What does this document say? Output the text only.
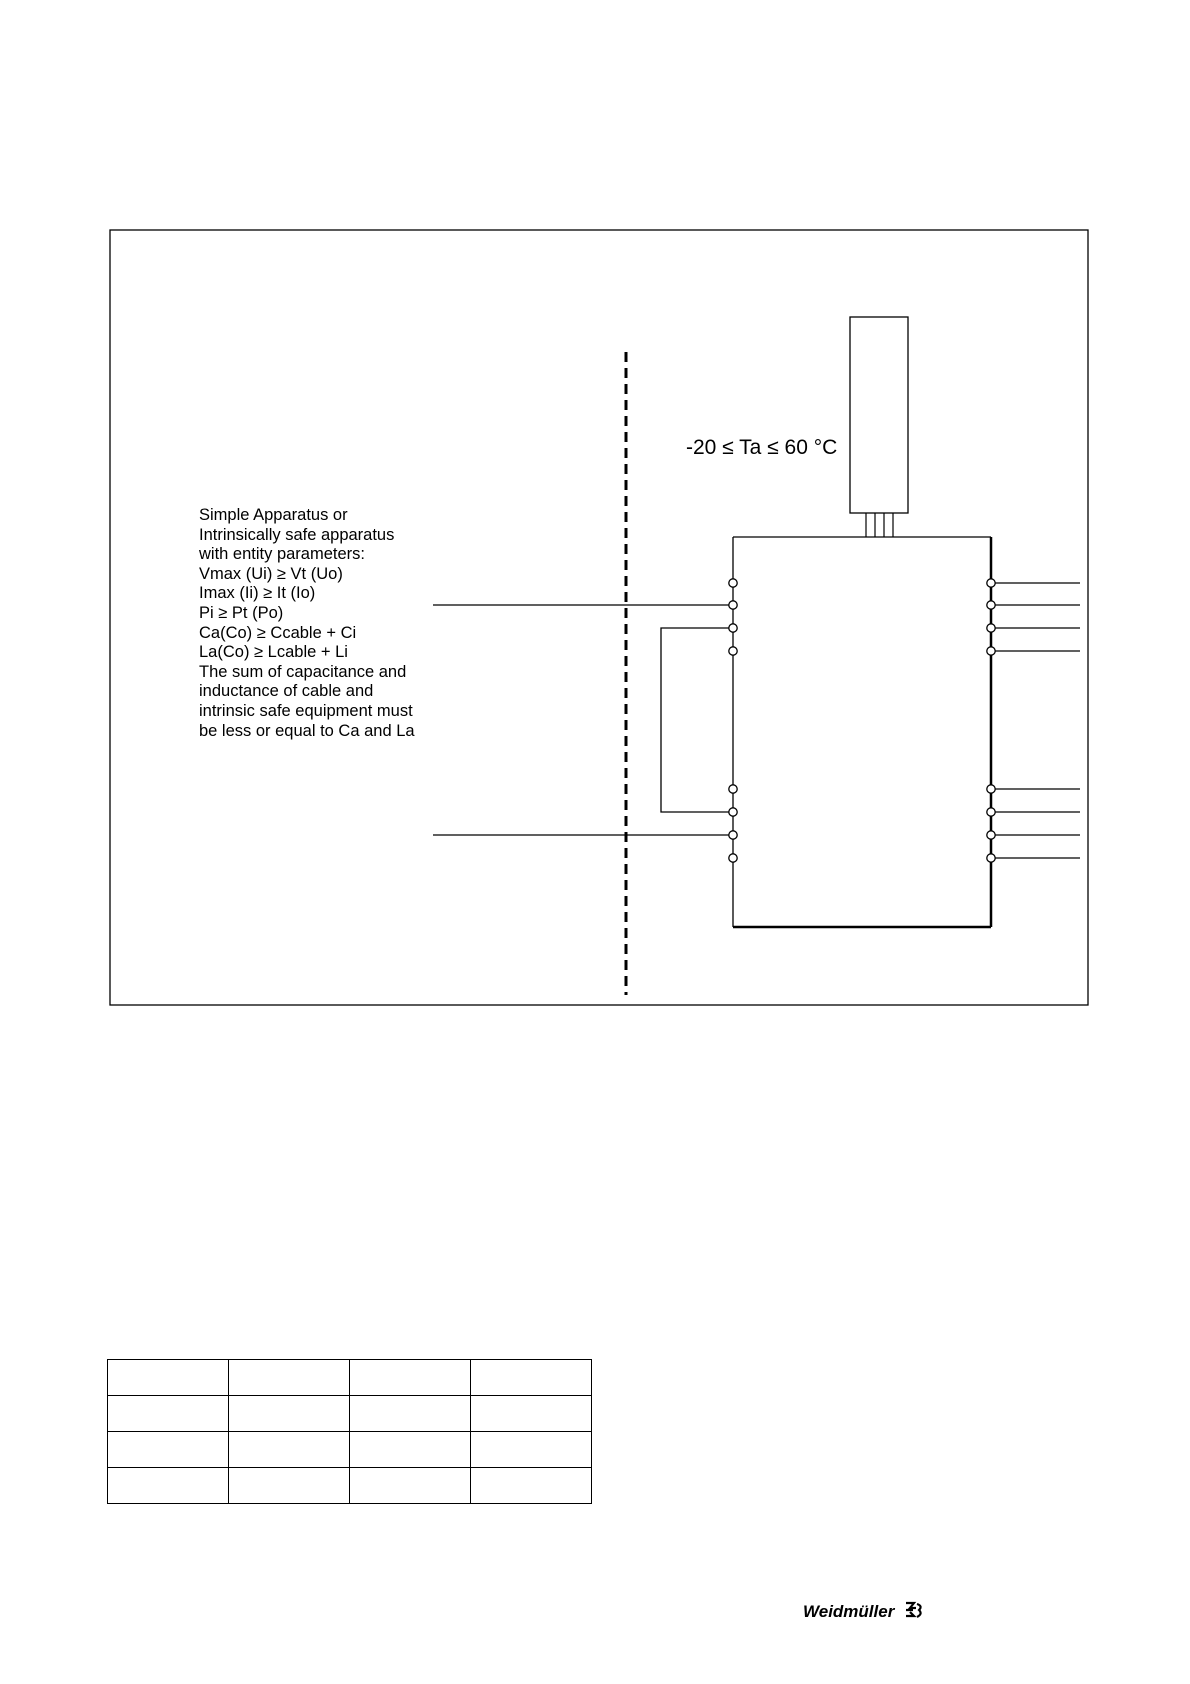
Simple Apparatus or
Intrinsically safe apparatus
with entity parameters:
Vmax (Ui) ≥ Vt (Uo)
Imax (Ii) ≥ It (Io)
Pi ≥ Pt (Po)
Ca(Co) ≥ Ccable + Ci
La(Co) ≥ Lcable + Li
The sum of capacitance and
inductance of cable and
intrinsic safe equipment must
be less or equal to Ca and La
-20 ≤ Ta ≤ 60 °C

Weidmüller
